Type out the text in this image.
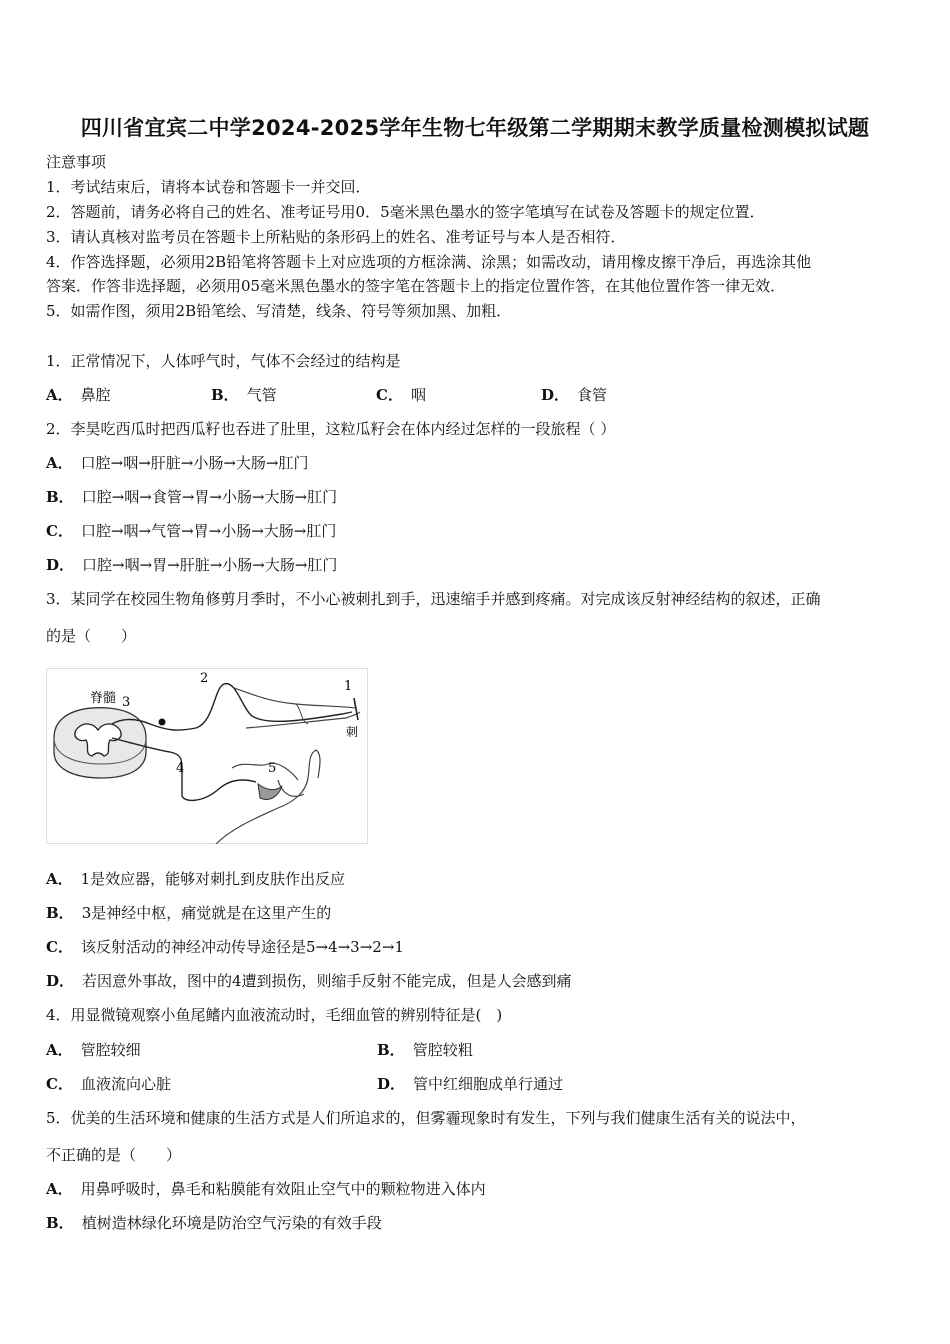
四川省宜宾二中学2024-2025学年生物七年级第二学期期末教学质量检测模拟试题
注意事项
1．考试结束后，请将本试卷和答题卡一并交回．
2．答题前，请务必将自己的姓名、准考证号用0．5毫米黑色墨水的签字笔填写在试卷及答题卡的规定位置．
3．请认真核对监考员在答题卡上所粘贴的条形码上的姓名、准考证号与本人是否相符．
4．作答选择题，必须用2B铅笔将答题卡上对应选项的方框涂满、涂黑；如需改动，请用橡皮擦干净后，再选涂其他
答案．作答非选择题，必须用05毫米黑色墨水的签字笔在答题卡上的指定位置作答，在其他位置作答一律无效．
5．如需作图，须用2B铅笔绘、写清楚，线条、符号等须加黑、加粗．
1．正常情况下，人体呼气时，气体不会经过的结构是
A． 鼻腔	B． 气管	C． 咽	D． 食管
2．李昊吃西瓜时把西瓜籽也吞进了肚里，这粒瓜籽会在体内经过怎样的一段旅程（ ）
A． 口腔→咽→肝脏→小肠→大肠→肛门
B． 口腔→咽→食管→胃→小肠→大肠→肛门
C． 口腔→咽→气管→胃→小肠→大肠→肛门
D． 口腔→咽→胃→肝脏→小肠→大肠→肛门
3．某同学在校园生物角修剪月季时，不小心被刺扎到手，迅速缩手并感到疼痛。对完成该反射神经结构的叙述，正确
的是（　　）
脊髓 3
2
1
刺
4	5
A． 1是效应器，能够对刺扎到皮肤作出反应
B． 3是神经中枢，痛觉就是在这里产生的
C． 该反射活动的神经冲动传导途径是5→4→3→2→1
D． 若因意外事故，图中的4遭到损伤，则缩手反射不能完成，但是人会感到痛
4．用显微镜观察小鱼尾鳍内血液流动时，毛细血管的辨别特征是(　)
A． 管腔较细	B． 管腔较粗
C． 血液流向心脏	D． 管中红细胞成单行通过
5．优美的生活环境和健康的生活方式是人们所追求的，但雾霾现象时有发生，下列与我们健康生活有关的说法中，
不正确的是（　　）
A． 用鼻呼吸时，鼻毛和粘膜能有效阻止空气中的颗粒物进入体内
B． 植树造林绿化环境是防治空气污染的有效手段
